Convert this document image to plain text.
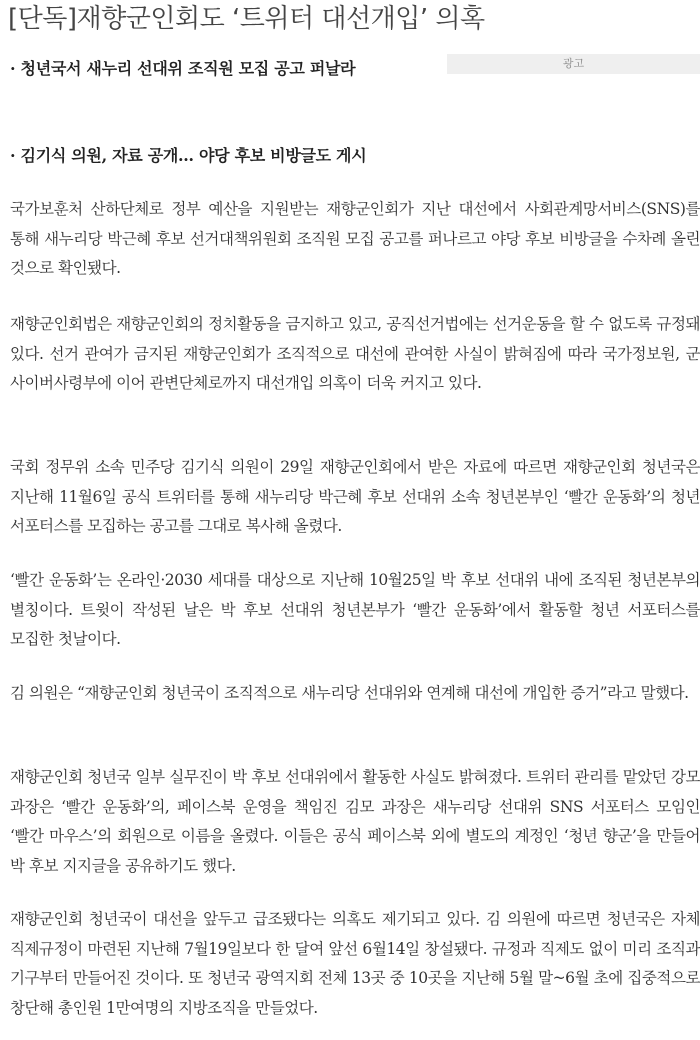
[단독]재향군인회도 ‘트위터 대선개입’ 의혹
광고
· 청년국서 새누리 선대위 조직원 모집 공고 퍼날라
· 김기식 의원, 자료 공개… 야당 후보 비방글도 게시

국가보훈처 산하단체로 정부 예산을 지원받는 재향군인회가 지난 대선에서 사회관계망서비스(SNS)를 통해 새누리당 박근혜 후보 선거대책위원회 조직원 모집 공고를 퍼나르고 야당 후보 비방글을 수차례 올린 것으로 확인됐다.

재향군인회법은 재향군인회의 정치활동을 금지하고 있고, 공직선거법에는 선거운동을 할 수 없도록 규정돼 있다. 선거 관여가 금지된 재향군인회가 조직적으로 대선에 관여한 사실이 밝혀짐에 따라 국가정보원, 군 사이버사령부에 이어 관변단체로까지 대선개입 의혹이 더욱 커지고 있다.

국회 정무위 소속 민주당 김기식 의원이 29일 재향군인회에서 받은 자료에 따르면 재향군인회 청년국은 지난해 11월6일 공식 트위터를 통해 새누리당 박근혜 후보 선대위 소속 청년본부인 ‘빨간 운동화’의 청년 서포터스를 모집하는 공고를 그대로 복사해 올렸다.

‘빨간 운동화’는 온라인·2030 세대를 대상으로 지난해 10월25일 박 후보 선대위 내에 조직된 청년본부의 별칭이다. 트윗이 작성된 날은 박 후보 선대위 청년본부가 ‘빨간 운동화’에서 활동할 청년 서포터스를 모집한 첫날이다.

김 의원은 “재향군인회 청년국이 조직적으로 새누리당 선대위와 연계해 대선에 개입한 증거”라고 말했다.

재향군인회 청년국 일부 실무진이 박 후보 선대위에서 활동한 사실도 밝혀졌다. 트위터 관리를 맡았던 강모 과장은 ‘빨간 운동화’의, 페이스북 운영을 책임진 김모 과장은 새누리당 선대위 SNS 서포터스 모임인 ‘빨간 마우스’의 회원으로 이름을 올렸다. 이들은 공식 페이스북 외에 별도의 계정인 ‘청년 향군’을 만들어 박 후보 지지글을 공유하기도 했다.

재향군인회 청년국이 대선을 앞두고 급조됐다는 의혹도 제기되고 있다. 김 의원에 따르면 청년국은 자체 직제규정이 마련된 지난해 7월19일보다 한 달여 앞선 6월14일 창설됐다. 규정과 직제도 없이 미리 조직과 기구부터 만들어진 것이다. 또 청년국 광역지회 전체 13곳 중 10곳을 지난해 5월 말~6월 초에 집중적으로 창단해 총인원 1만여명의 지방조직을 만들었다.
